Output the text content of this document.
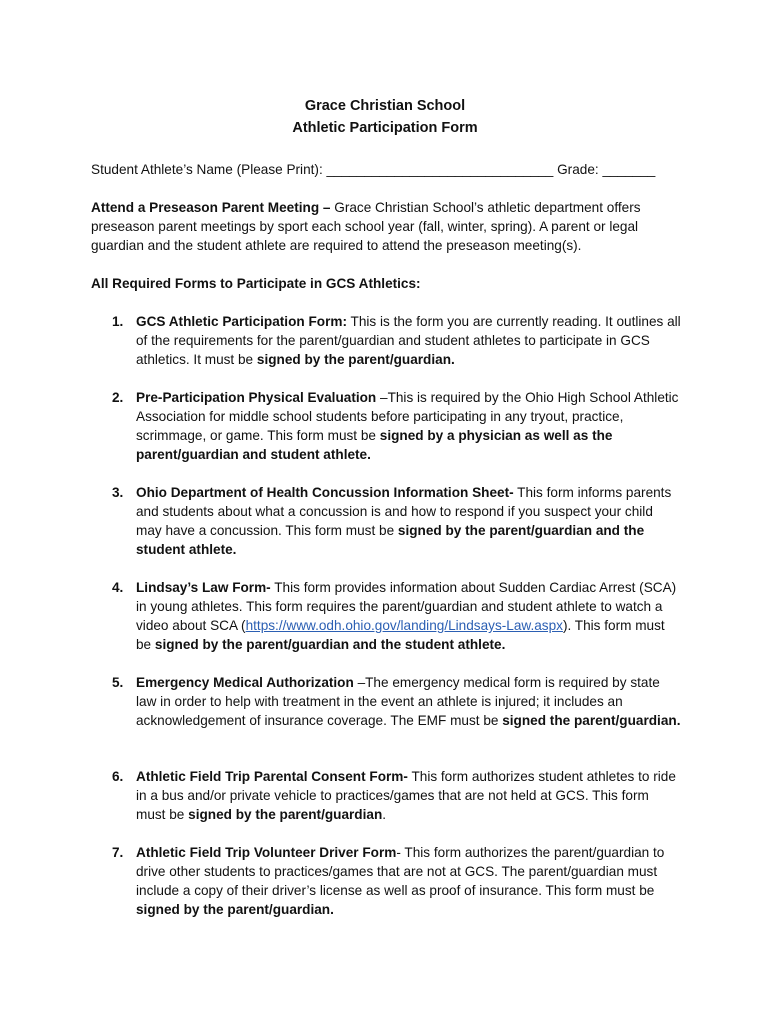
Grace Christian School
Athletic Participation Form
Student Athlete’s Name (Please Print): ______________________________ Grade: _______
Attend a Preseason Parent Meeting – Grace Christian School’s athletic department offers preseason parent meetings by sport each school year (fall, winter, spring). A parent or legal guardian and the student athlete are required to attend the preseason meeting(s).
All Required Forms to Participate in GCS Athletics:
1. GCS Athletic Participation Form: This is the form you are currently reading. It outlines all of the requirements for the parent/guardian and student athletes to participate in GCS athletics. It must be signed by the parent/guardian.
2. Pre-Participation Physical Evaluation –This is required by the Ohio High School Athletic Association for middle school students before participating in any tryout, practice, scrimmage, or game. This form must be signed by a physician as well as the parent/guardian and student athlete.
3. Ohio Department of Health Concussion Information Sheet- This form informs parents and students about what a concussion is and how to respond if you suspect your child may have a concussion. This form must be signed by the parent/guardian and the student athlete.
4. Lindsay’s Law Form- This form provides information about Sudden Cardiac Arrest (SCA) in young athletes. This form requires the parent/guardian and student athlete to watch a video about SCA (https://www.odh.ohio.gov/landing/Lindsays-Law.aspx). This form must be signed by the parent/guardian and the student athlete.
5. Emergency Medical Authorization –The emergency medical form is required by state law in order to help with treatment in the event an athlete is injured; it includes an acknowledgement of insurance coverage. The EMF must be signed the parent/guardian.
6. Athletic Field Trip Parental Consent Form- This form authorizes student athletes to ride in a bus and/or private vehicle to practices/games that are not held at GCS. This form must be signed by the parent/guardian.
7. Athletic Field Trip Volunteer Driver Form- This form authorizes the parent/guardian to drive other students to practices/games that are not at GCS. The parent/guardian must include a copy of their driver’s license as well as proof of insurance. This form must be signed by the parent/guardian.
